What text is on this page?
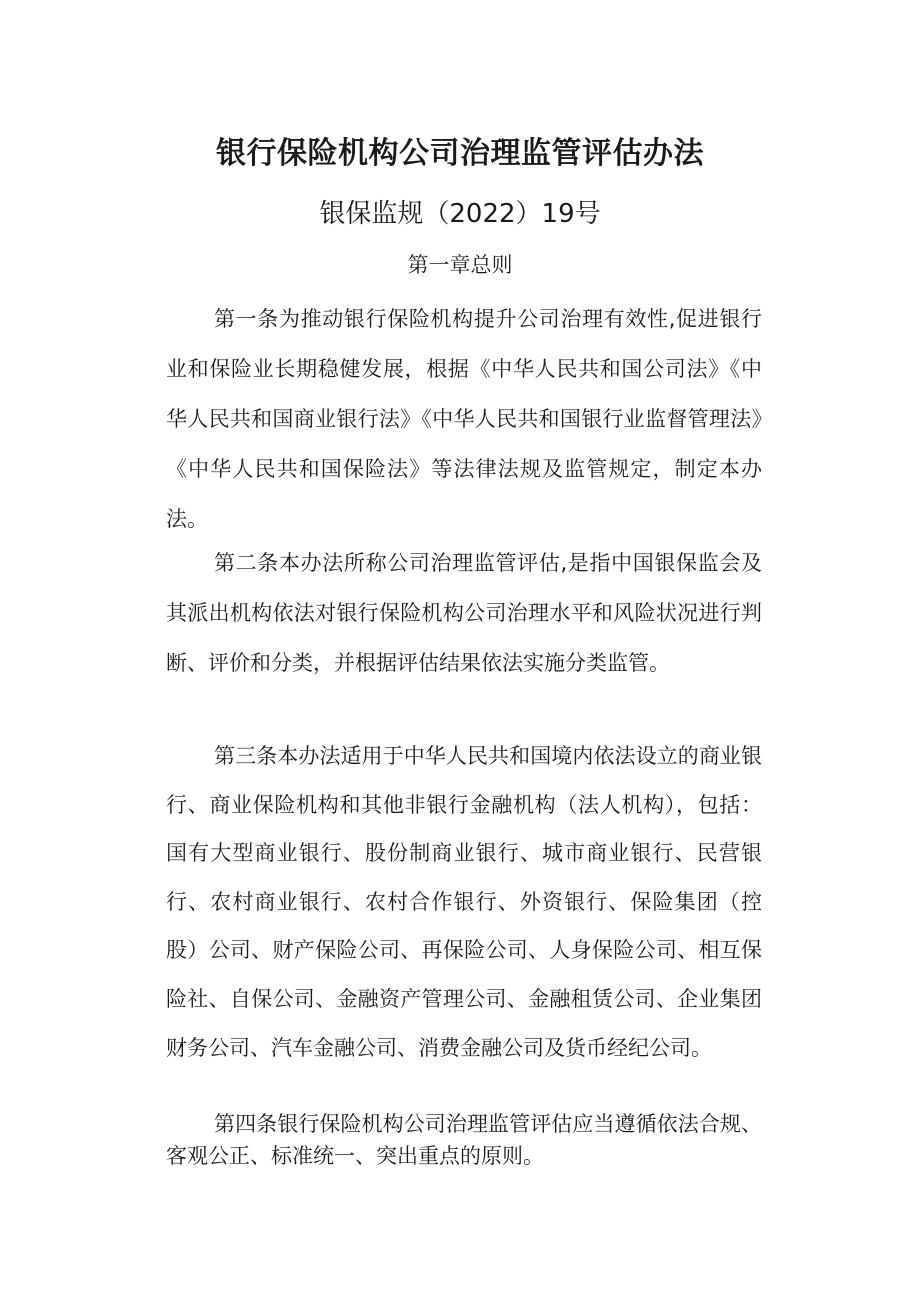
银行保险机构公司治理监管评估办法

银保监规（2022）19号

第一章总则

第一条为推动银行保险机构提升公司治理有效性,促进银行业和保险业长期稳健发展，根据《中华人民共和国公司法》《中华人民共和国商业银行法》《中华人民共和国银行业监督管理法》《中华人民共和国保险法》等法律法规及监管规定，制定本办法。

第二条本办法所称公司治理监管评估,是指中国银保监会及其派出机构依法对银行保险机构公司治理水平和风险状况进行判断、评价和分类，并根据评估结果依法实施分类监管。

第三条本办法适用于中华人民共和国境内依法设立的商业银行、商业保险机构和其他非银行金融机构（法人机构），包括：国有大型商业银行、股份制商业银行、城市商业银行、民营银行、农村商业银行、农村合作银行、外资银行、保险集团（控股）公司、财产保险公司、再保险公司、人身保险公司、相互保险社、自保公司、金融资产管理公司、金融租赁公司、企业集团财务公司、汽车金融公司、消费金融公司及货币经纪公司。

第四条银行保险机构公司治理监管评估应当遵循依法合规、客观公正、标准统一、突出重点的原则。
